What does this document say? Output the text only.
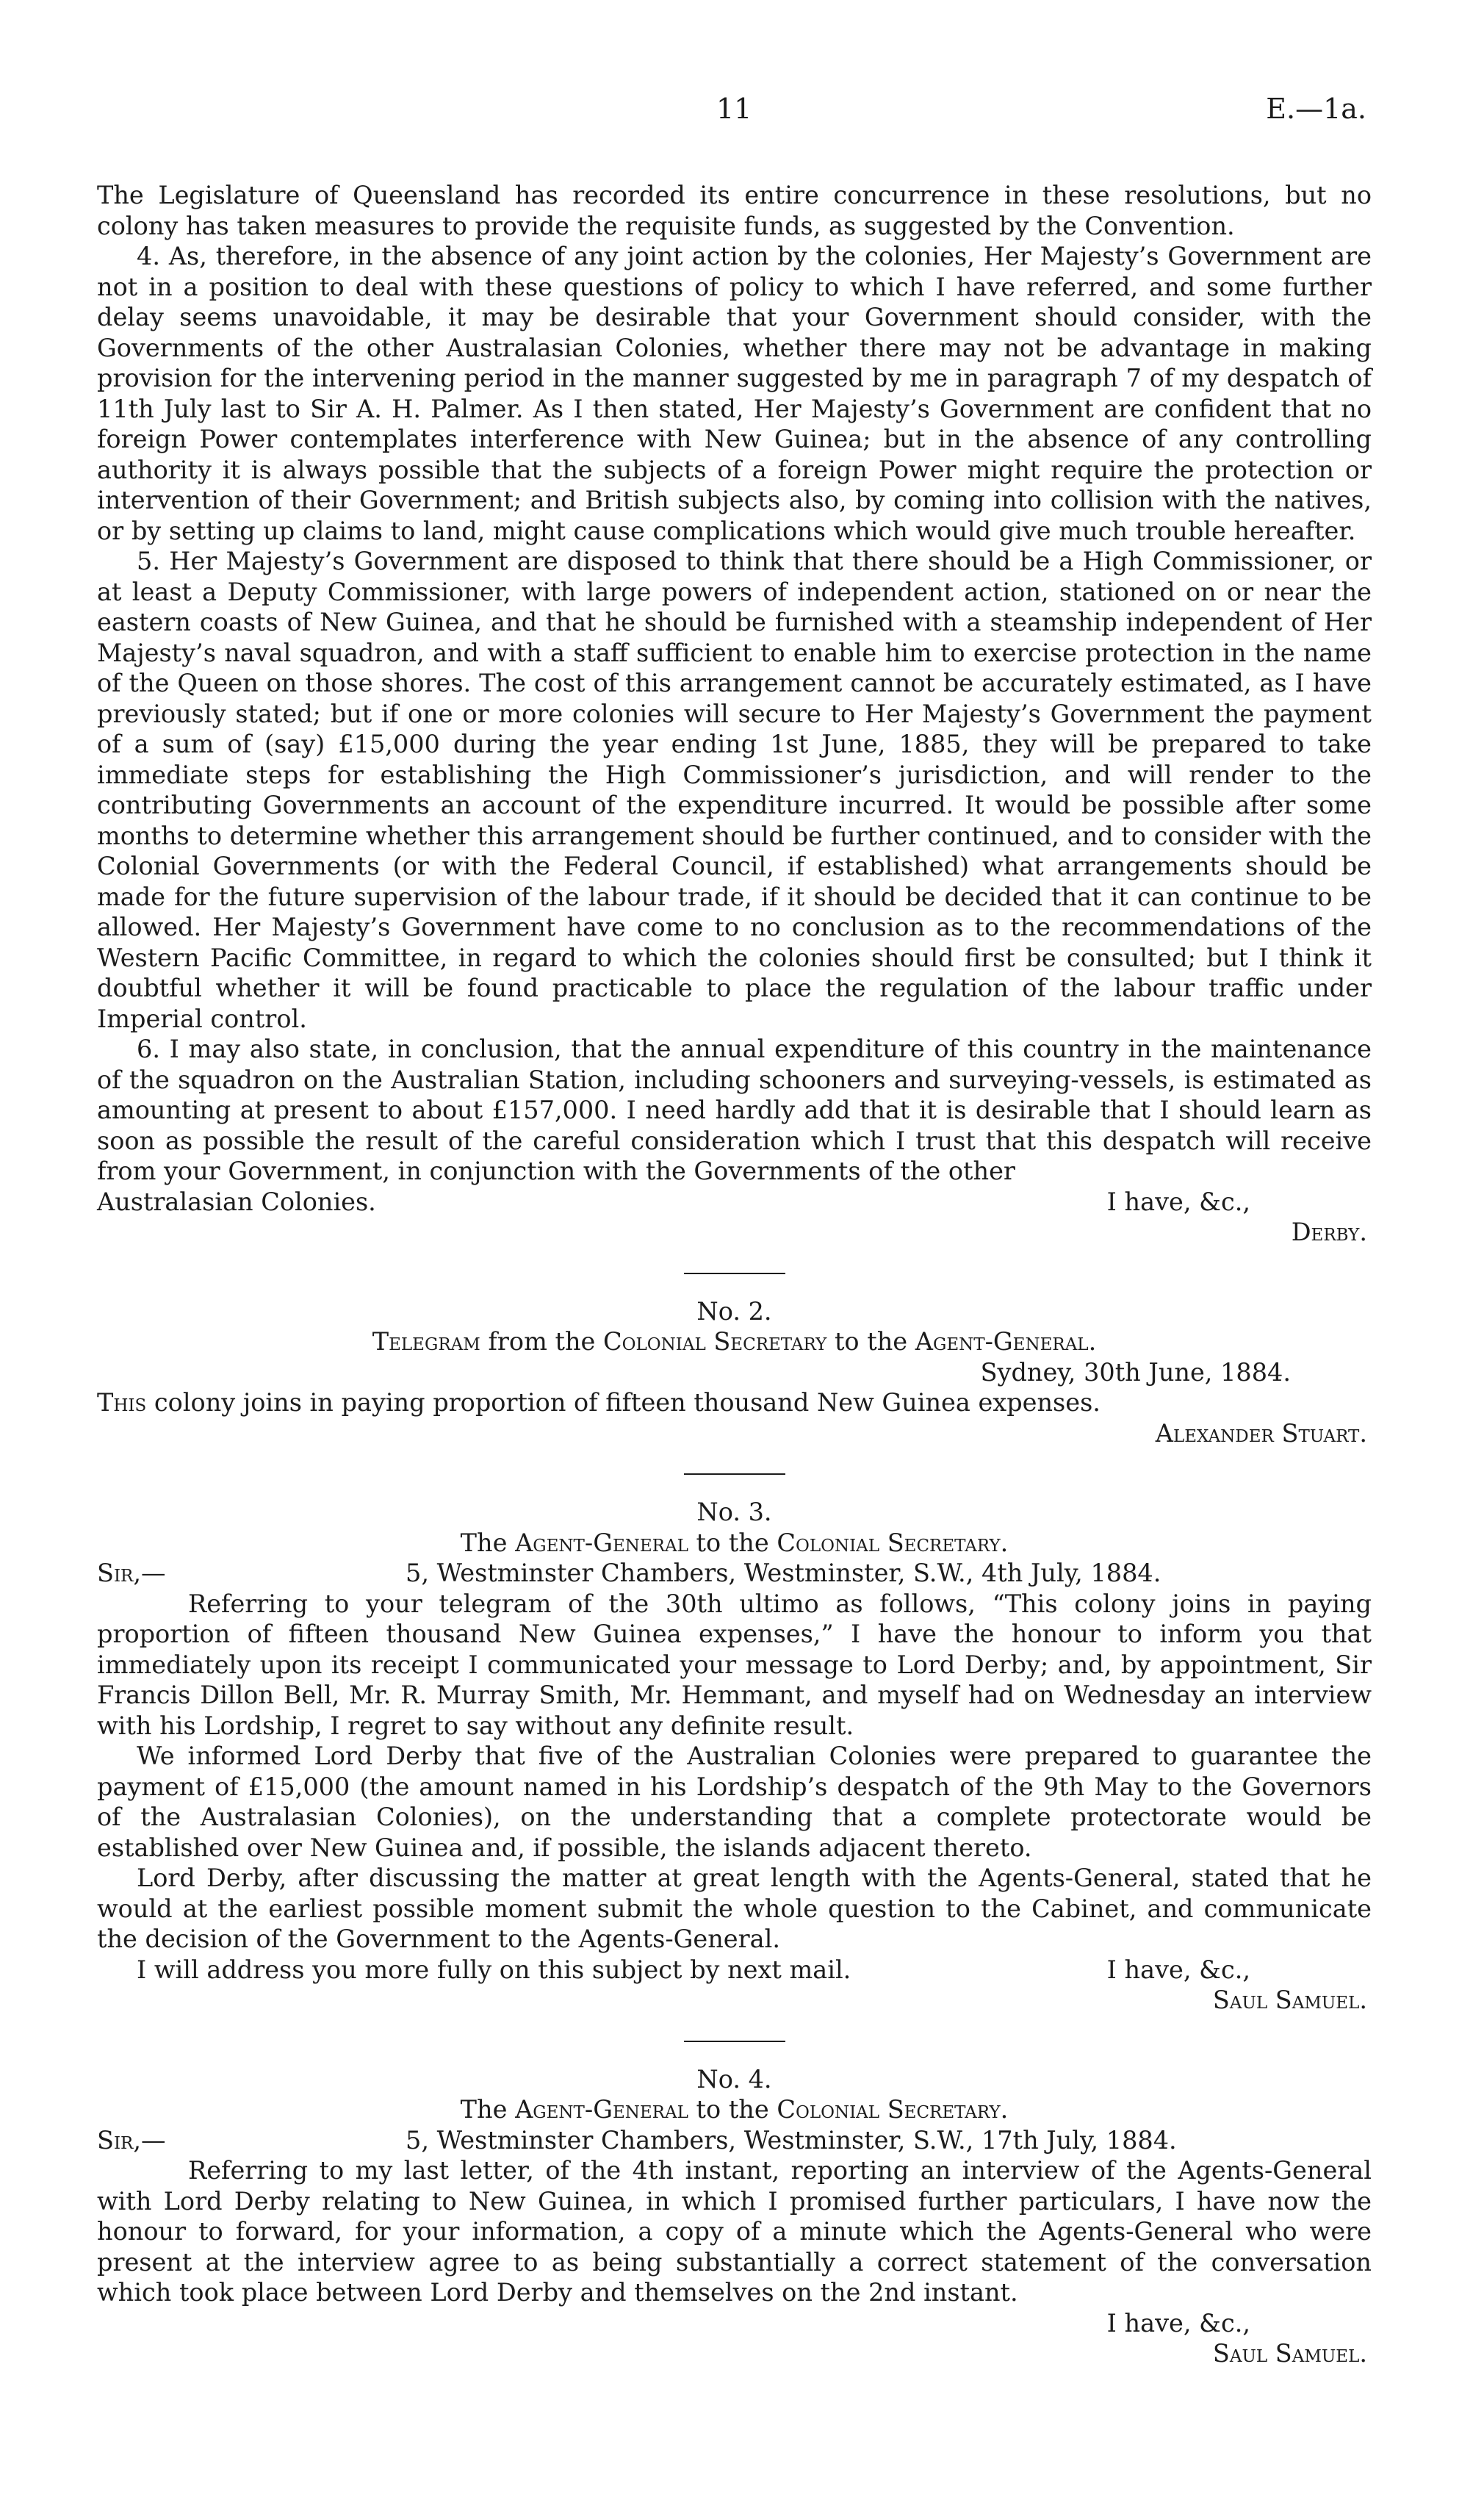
11	E.—1a.

The Legislature of Queensland has recorded its entire concurrence in these resolutions, but no colony has taken measures to provide the requisite funds, as suggested by the Convention.

4. As, therefore, in the absence of any joint action by the colonies, Her Majesty’s Government are not in a position to deal with these questions of policy to which I have referred, and some further delay seems unavoidable, it may be desirable that your Government should consider, with the Governments of the other Australasian Colonies, whether there may not be advantage in making provision for the intervening period in the manner suggested by me in paragraph 7 of my despatch of 11th July last to Sir A. H. Palmer. As I then stated, Her Majesty’s Government are confident that no foreign Power contemplates interference with New Guinea; but in the absence of any controlling authority it is always possible that the subjects of a foreign Power might require the protection or intervention of their Government; and British subjects also, by coming into collision with the natives, or by setting up claims to land, might cause complications which would give much trouble hereafter.

5. Her Majesty’s Government are disposed to think that there should be a High Commissioner, or at least a Deputy Commissioner, with large powers of independent action, stationed on or near the eastern coasts of New Guinea, and that he should be furnished with a steamship independent of Her Majesty’s naval squadron, and with a staff sufficient to enable him to exercise protection in the name of the Queen on those shores. The cost of this arrangement cannot be accurately estimated, as I have previously stated; but if one or more colonies will secure to Her Majesty’s Government the payment of a sum of (say) £15,000 during the year ending 1st June, 1885, they will be prepared to take immediate steps for establishing the High Commissioner’s jurisdiction, and will render to the contributing Governments an account of the expenditure incurred. It would be possible after some months to determine whether this arrangement should be further continued, and to consider with the Colonial Governments (or with the Federal Council, if established) what arrangements should be made for the future supervision of the labour trade, if it should be decided that it can continue to be allowed. Her Majesty’s Government have come to no conclusion as to the recommendations of the Western Pacific Committee, in regard to which the colonies should first be consulted; but I think it doubtful whether it will be found practicable to place the regulation of the labour traffic under Imperial control.

6. I may also state, in conclusion, that the annual expenditure of this country in the maintenance of the squadron on the Australian Station, including schooners and surveying-vessels, is estimated as amounting at present to about £157,000. I need hardly add that it is desirable that I should learn as soon as possible the result of the careful consideration which I trust that this despatch will receive from your Government, in conjunction with the Governments of the other

Australasian Colonies.	I have, &c.,

Derby.

No. 2.

Telegram from the Colonial Secretary to the Agent-General.

Sydney, 30th June, 1884.

This colony joins in paying proportion of fifteen thousand New Guinea expenses.

Alexander Stuart.

No. 3.

The Agent-General to the Colonial Secretary.

Sir,—	5, Westminster Chambers, Westminster, S.W., 4th July, 1884.

Referring to your telegram of the 30th ultimo as follows, “This colony joins in paying proportion of fifteen thousand New Guinea expenses,” I have the honour to inform you that immediately upon its receipt I communicated your message to Lord Derby; and, by appointment, Sir Francis Dillon Bell, Mr. R. Murray Smith, Mr. Hemmant, and myself had on Wednesday an interview with his Lordship, I regret to say without any definite result.

We informed Lord Derby that five of the Australian Colonies were prepared to guarantee the payment of £15,000 (the amount named in his Lordship’s despatch of the 9th May to the Governors of the Australasian Colonies), on the understanding that a complete protectorate would be established over New Guinea and, if possible, the islands adjacent thereto.

Lord Derby, after discussing the matter at great length with the Agents-General, stated that he would at the earliest possible moment submit the whole question to the Cabinet, and communicate the decision of the Government to the Agents-General.

I will address you more fully on this subject by next mail.	I have, &c.,

Saul Samuel.

No. 4.

The Agent-General to the Colonial Secretary.

Sir,—	5, Westminster Chambers, Westminster, S.W., 17th July, 1884.

Referring to my last letter, of the 4th instant, reporting an interview of the Agents-General with Lord Derby relating to New Guinea, in which I promised further particulars, I have now the honour to forward, for your information, a copy of a minute which the Agents-General who were present at the interview agree to as being substantially a correct statement of the conversation which took place between Lord Derby and themselves on the 2nd instant.

I have, &c.,

Saul Samuel.
